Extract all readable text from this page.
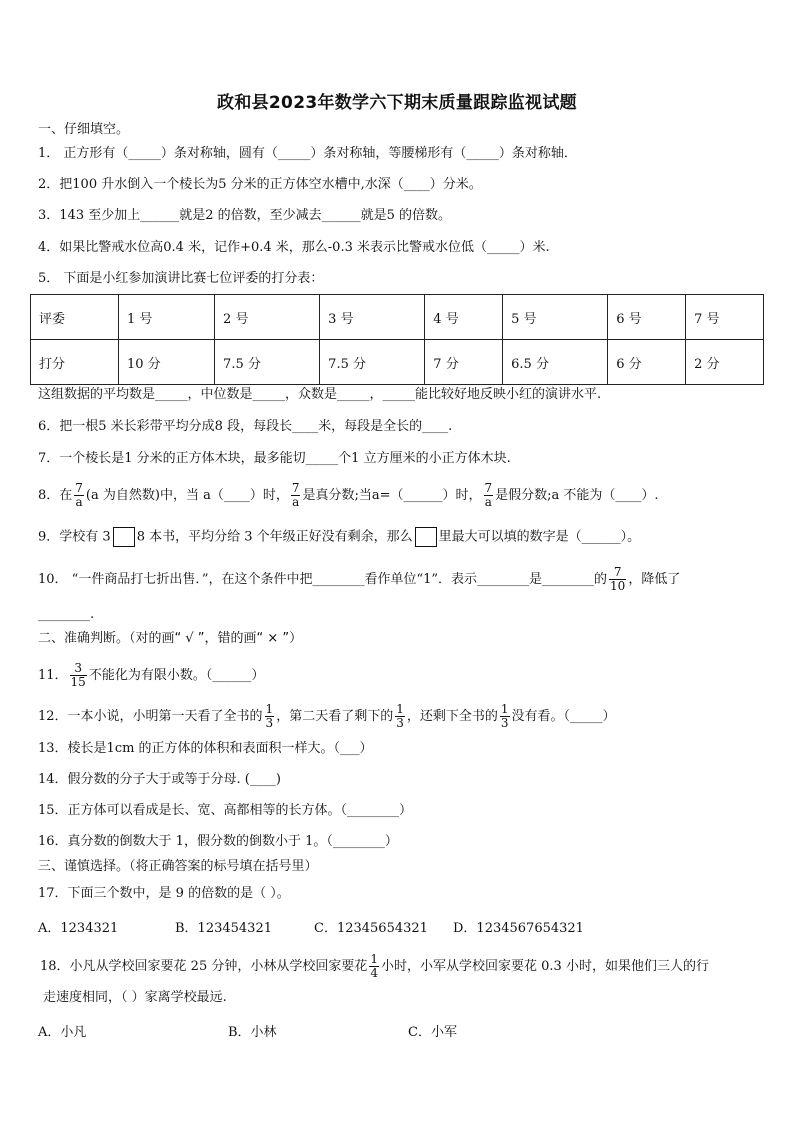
政和县2023年数学六下期末质量跟踪监视试题
一、仔细填空。
1． 正方形有（_____）条对称轴，圆有（_____）条对称轴，等腰梯形有（_____）条对称轴．
2．把100 升水倒入一个棱长为5 分米的正方体空水槽中,水深（____）分米。
3．143 至少加上______就是2 的倍数，至少减去______就是5 的倍数。
4．如果比警戒水位高0.4 米，记作+0.4 米，那么-0.3 米表示比警戒水位低（_____）米.
5． 下面是小红参加演讲比赛七位评委的打分表：
评委	1 号	2 号	3 号	4 号	5 号	6 号	7 号
打分	10 分	7.5 分	7.5 分	7 分	6.5 分	6 分	2 分
这组数据的平均数是_____，中位数是_____，众数是_____，_____能比较好地反映小红的演讲水平.
6．把一根5 米长彩带平均分成8 段，每段长____米，每段是全长的____.
7．一个棱长是1 分米的正方体木块，最多能切_____个1 立方厘米的小正方体木块.
8．在 $\frac{7}{a} (a$ 为自然数)中，当 a（____）时， $\frac{7}{a}$ 是真分数;当a=（______）时， $\frac{7}{a}$ 是假分数;a 不能为（____）.
9．学校有 3 8 本书，平均分给 3 个年级正好没有剩余，那么 里最大可以填的数字是（______）。
10． “一件商品打七折出售．”，在这个条件中把________看作单位“1”．表示________是________的 $\frac{7}{10}$ ，降低了
________.
二、准确判断。（对的画“ √ ”，错的画“ × ”）
11． $\frac{3}{15}$ 不能化为有限小数。（______）
12．一本小说，小明第一天看了全书的 $\frac{1}{3}$ ，第二天看了剩下的 $\frac{1}{3}$ ，还剩下全书的 $\frac{1}{3}$ 没有看。（_____）
13．棱长是1cm 的正方体的体积和表面积一样大。（___）
14．假分数的分子大于或等于分母. (____)
15．正方体可以看成是长、宽、高都相等的长方体。（________）
16．真分数的倒数大于 1，假分数的倒数小于 1。（________）
三、谨慎选择。（将正确答案的标号填在括号里）
17．下面三个数中，是 9 的倍数的是（ ）。
A．1234321	B．123454321	C．12345654321 D．1234567654321
18．小凡从学校回家要花 25 分钟，小林从学校回家要花 $\frac{1}{4}$ 小时，小军从学校回家要花 0.3 小时，如果他们三人的行
走速度相同，（ ）家离学校最远.
A．小凡	B．小林	C．小军
